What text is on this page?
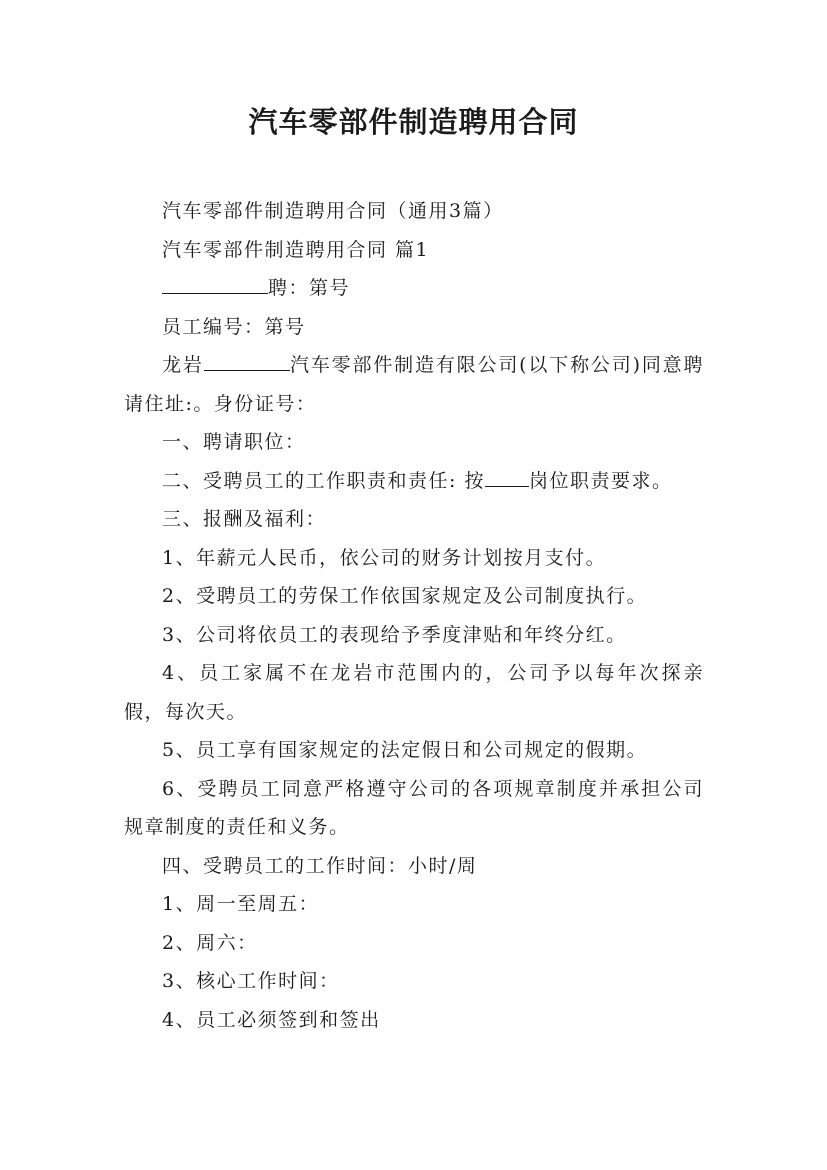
汽车零部件制造聘用合同

汽车零部件制造聘用合同（通用3篇）

汽车零部件制造聘用合同 篇1

聘：第号

员工编号：第号

龙岩	汽车零部件制造有限公司(以下称公司)同意聘请住址:。身份证号：

一、聘请职位：

二、受聘员工的工作职责和责任: 按 岗位职责要求。

三、报酬及福利：

1、年薪元人民币，依公司的财务计划按月支付。

2、受聘员工的劳保工作依国家规定及公司制度执行。

3、公司将依员工的表现给予季度津贴和年终分红。

4、员工家属不在龙岩市范围内的，公司予以每年次探亲假，每次天。

5、员工享有国家规定的法定假日和公司规定的假期。

6、受聘员工同意严格遵守公司的各项规章制度并承担公司规章制度的责任和义务。

四、受聘员工的工作时间：小时/周

1、周一至周五：

2、周六：

3、核心工作时间：

4、员工必须签到和签出
